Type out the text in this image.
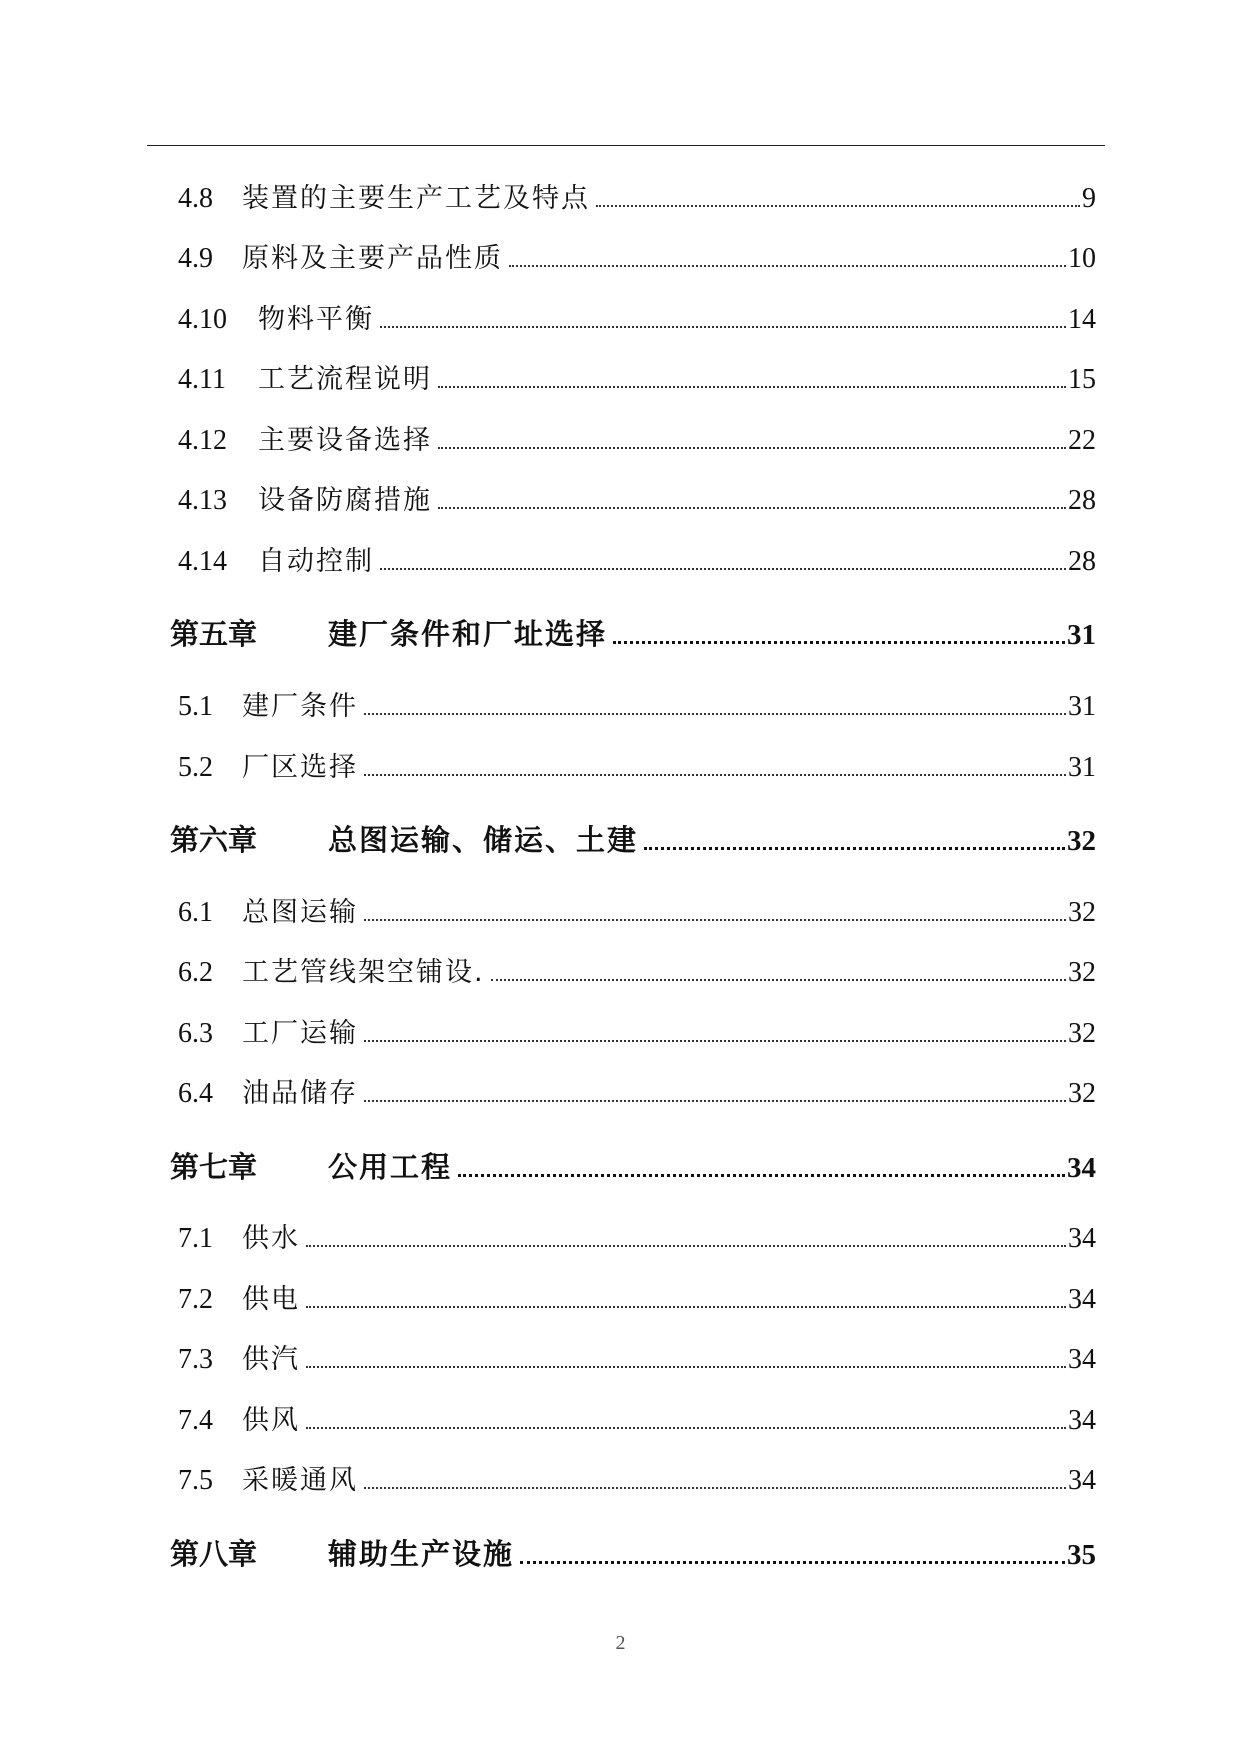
4.8	装置的主要生产工艺及特点	9
4.9	原料及主要产品性质	10
4.10	物料平衡	14
4.11	工艺流程说明	15
4.12	主要设备选择	22
4.13	设备防腐措施	28
4.14	自动控制	28
第五章	建厂条件和厂址选择	31
5.1	建厂条件	31
5.2	厂区选择	31
第六章	总图运输、储运、土建	32
6.1	总图运输	32
6.2	工艺管线架空铺设.	32
6.3	工厂运输	32
6.4	油品储存	32
第七章	公用工程	34
7.1	供水	34
7.2	供电	34
7.3	供汽	34
7.4	供风	34
7.5	采暖通风	34
第八章	辅助生产设施	35
2
